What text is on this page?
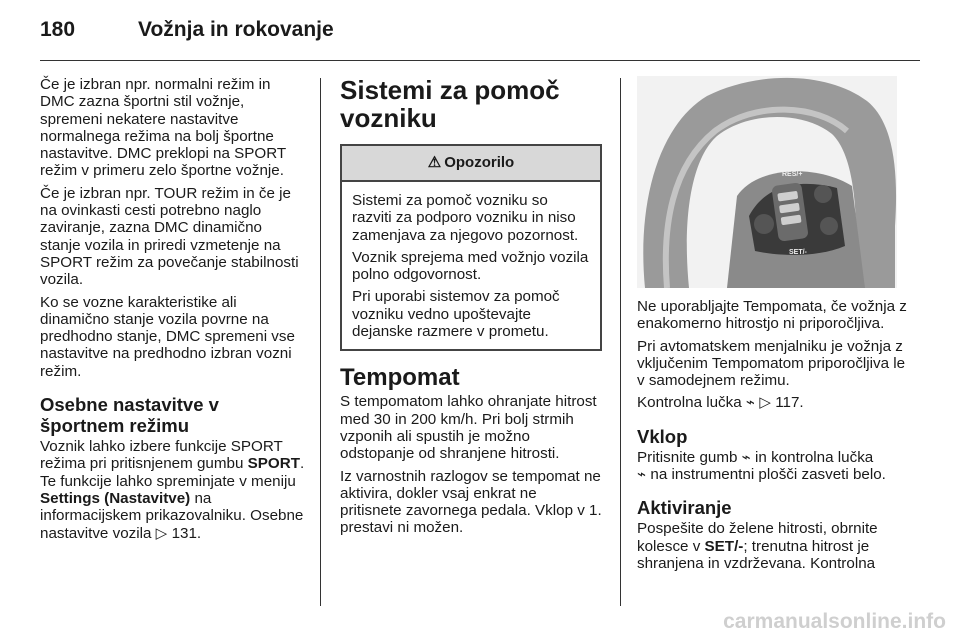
180	Vožnja in rokovanje

Če je izbran npr. normalni režim in DMC zazna športni stil vožnje, spremeni nekatere nastavitve normalnega režima na bolj športne nastavitve. DMC preklopi na SPORT režim v primeru zelo športne vožnje.

Če je izbran npr. TOUR režim in če je na ovinkasti cesti potrebno naglo zaviranje, zazna DMC dinamično stanje vozila in priredi vzmetenje na SPORT režim za povečanje stabilnosti vozila.

Ko se vozne karakteristike ali dinamično stanje vozila povrne na predhodno stanje, DMC spremeni vse nastavitve na predhodno izbran vozni režim.

Osebne nastavitve v športnem režimu

Voznik lahko izbere funkcije SPORT režima pri pritisnjenem gumbu SPORT. Te funkcije lahko spreminjate v meniju Settings (Nastavitve) na informacijskem prikazovalniku. Osebne nastavitve vozila ▷ 131.

Sistemi za pomoč vozniku
⚠ Opozorilo

Sistemi za pomoč vozniku so razviti za podporo vozniku in niso zamenjava za njegovo pozornost.

Voznik sprejema med vožnjo vozila polno odgovornost.

Pri uporabi sistemov za pomoč vozniku vedno upoštevajte dejanske razmere v prometu.

Tempomat

S tempomatom lahko ohranjate hitrost med 30 in 200 km/h. Pri bolj strmih vzponih ali spustih je možno odstopanje od shranjene hitrosti.

Iz varnostnih razlogov se tempomat ne aktivira, dokler vsaj enkrat ne pritisnete zavornega pedala. Vklop v 1. prestavi ni možen.

RES/+
SET/-

Ne uporabljajte Tempomata, če vožnja z enakomerno hitrostjo ni priporočljiva.

Pri avtomatskem menjalniku je vožnja z vklјučenim Tempomatom priporočljiva le v samodejnem režimu.

Kontrolna lučka ⌁ ▷ 117.

Vklop

Pritisnite gumb ⌁ in kontrolna lučka
⌁ na instrumentni plošči zasveti belo.

Aktiviranje

Pospešite do želene hitrosti, obrnite kolesce v SET/-; trenutna hitrost je shranjena in vzdrževana. Kontrolna

carmanualsonline.info
